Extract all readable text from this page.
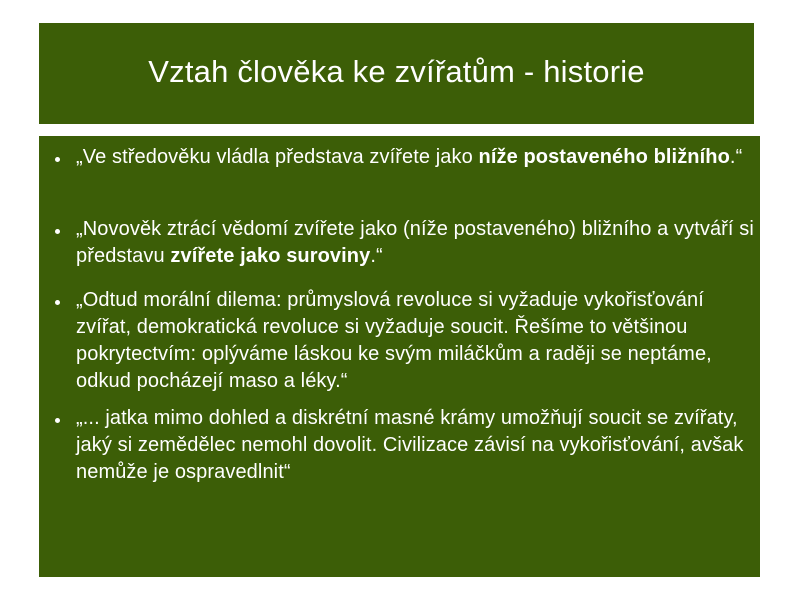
Vztah člověka ke zvířatům - historie

„Ve středověku vládla představa zvířete jako níže postaveného bližního.“

„Novověk ztrácí vědomí zvířete jako (níže postaveného) bližního a vytváří si představu zvířete jako suroviny.“

„Odtud morální dilema: průmyslová revoluce si vyžaduje vykořisťování zvířat, demokratická revoluce si vyžaduje soucit. Řešíme to většinou pokrytectvím: oplýváme láskou ke svým miláčkům a raději se neptáme, odkud pocházejí maso a léky.“

„... jatka mimo dohled a diskrétní masné krámy umožňují soucit se zvířaty, jaký si zemědělec nemohl dovolit. Civilizace závisí na vykořisťování, avšak nemůže je ospravedlnit“
